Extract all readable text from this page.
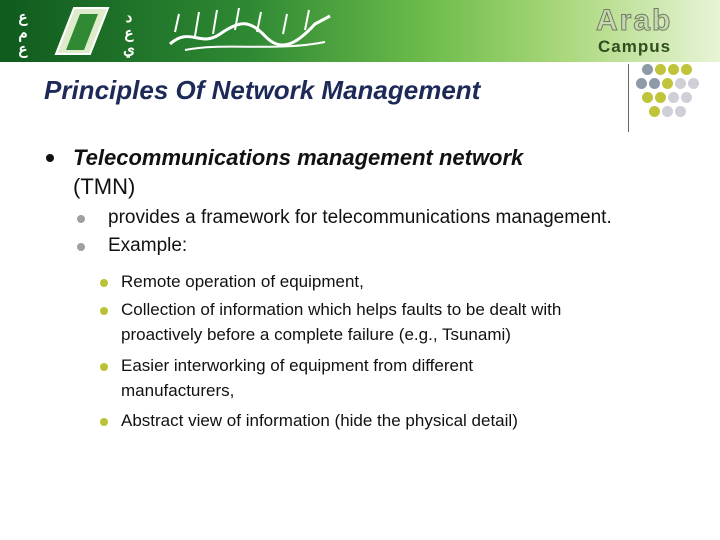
ع
م
ع
د
ع
ي
Arab
Campus
Principles Of Network Management
Telecommunications management network
(TMN)
provides a framework for telecommunications management.
Example:
Remote operation of equipment,
Collection of information which helps faults to be dealt with
proactively before a complete failure (e.g., Tsunami)
Easier interworking of equipment from different
manufacturers,
Abstract view of information (hide the physical detail)
